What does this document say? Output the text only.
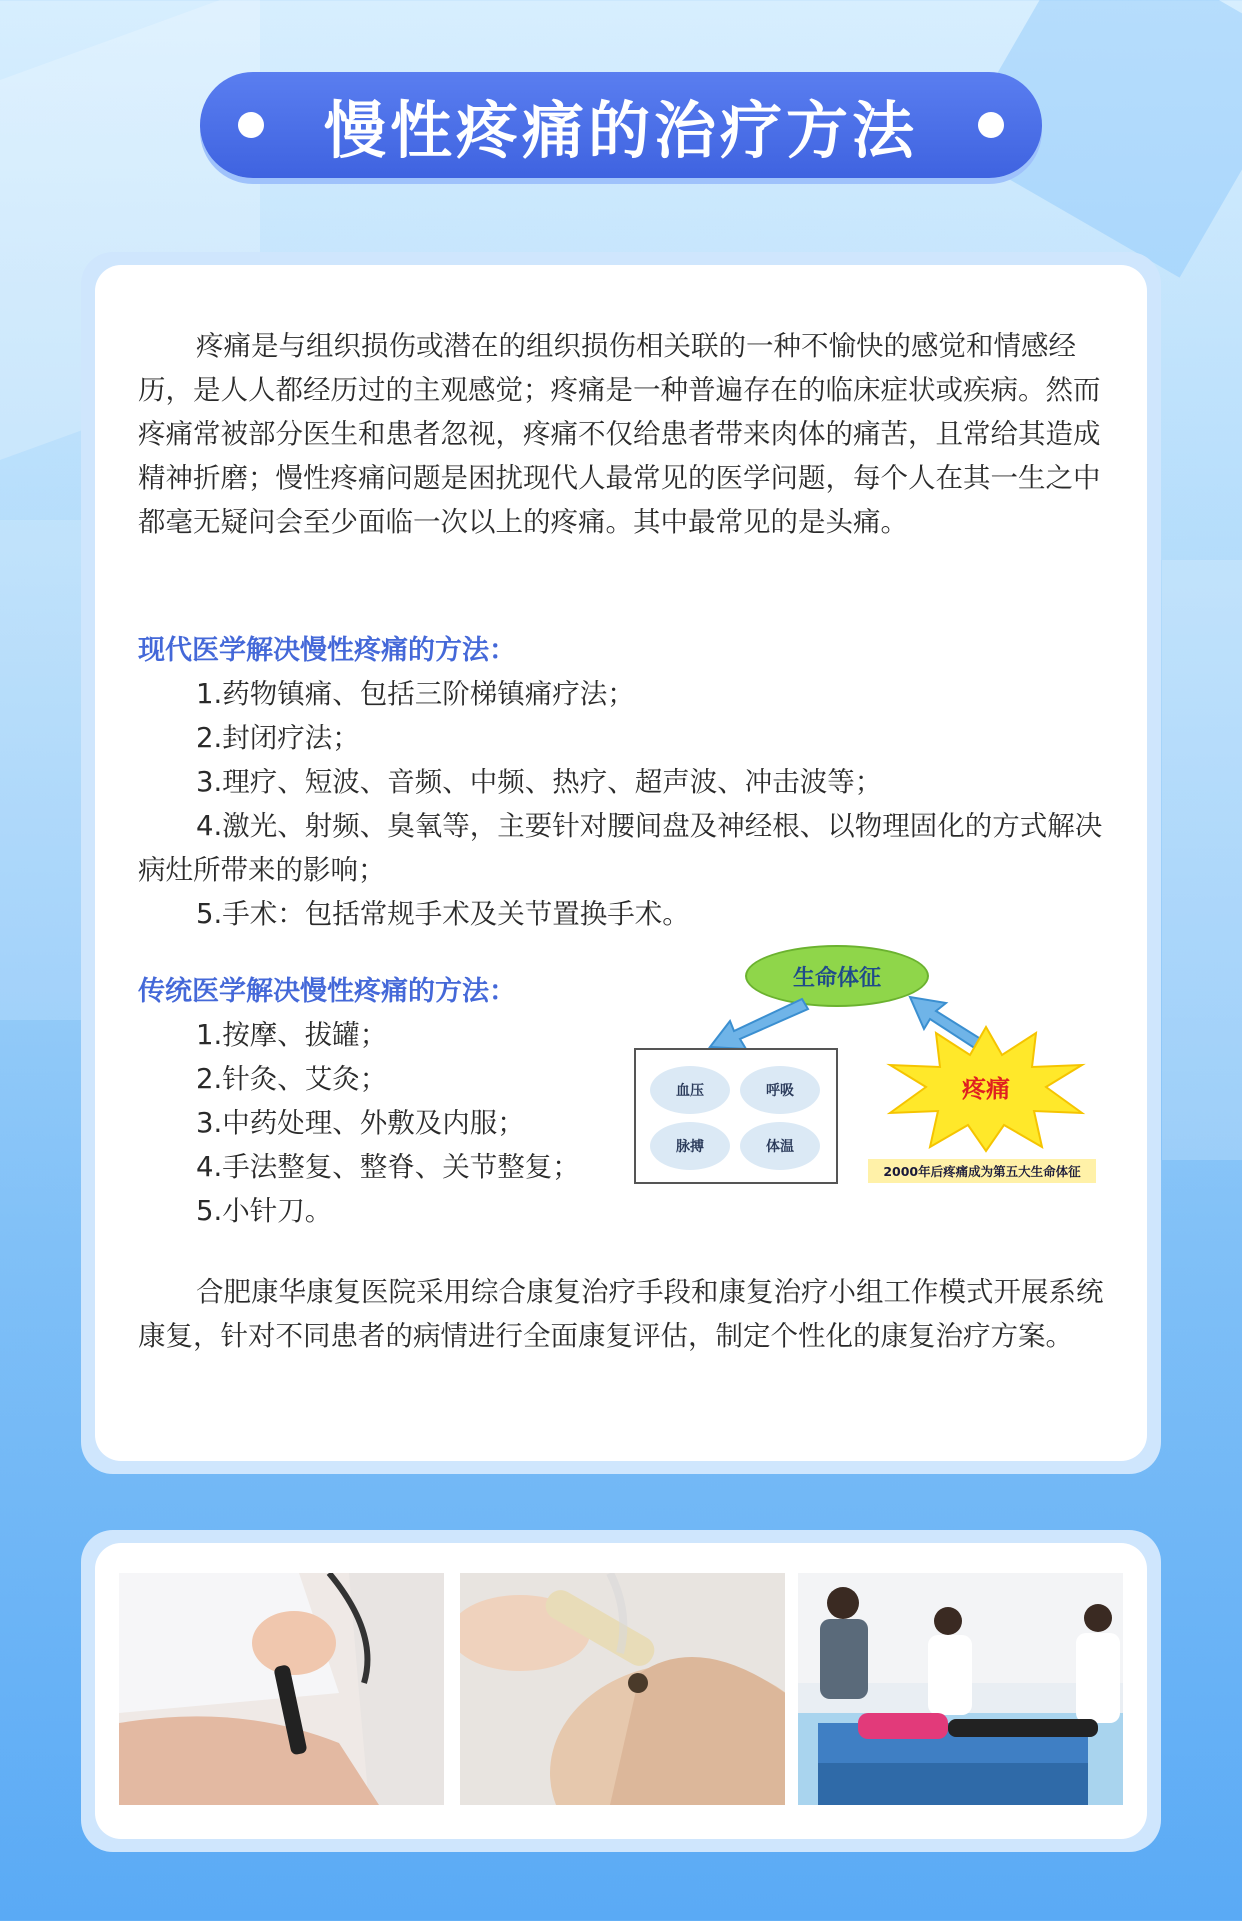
慢性疼痛的治疗方法
疼痛是与组织损伤或潜在的组织损伤相关联的一种不愉快的感觉和情感经历，是人人都经历过的主观感觉；疼痛是一种普遍存在的临床症状或疾病。然而疼痛常被部分医生和患者忽视，疼痛不仅给患者带来肉体的痛苦，且常给其造成精神折磨；慢性疼痛问题是困扰现代人最常见的医学问题，每个人在其一生之中都毫无疑问会至少面临一次以上的疼痛。其中最常见的是头痛。
现代医学解决慢性疼痛的方法：
1.药物镇痛、包括三阶梯镇痛疗法；
2.封闭疗法；
3.理疗、短波、音频、中频、热疗、超声波、冲击波等；
4.激光、射频、臭氧等，主要针对腰间盘及神经根、以物理固化的方式解决病灶所带来的影响；
5.手术：包括常规手术及关节置换手术。
传统医学解决慢性疼痛的方法：
1.按摩、拔罐；
2.针灸、艾灸；
3.中药处理、外敷及内服；
4.手法整复、整脊、关节整复；
5.小针刀。
生命体征
血压	呼吸
脉搏	体温
疼痛
2000年后疼痛成为第五大生命体征
合肥康华康复医院采用综合康复治疗手段和康复治疗小组工作模式开展系统康复，针对不同患者的病情进行全面康复评估，制定个性化的康复治疗方案。
